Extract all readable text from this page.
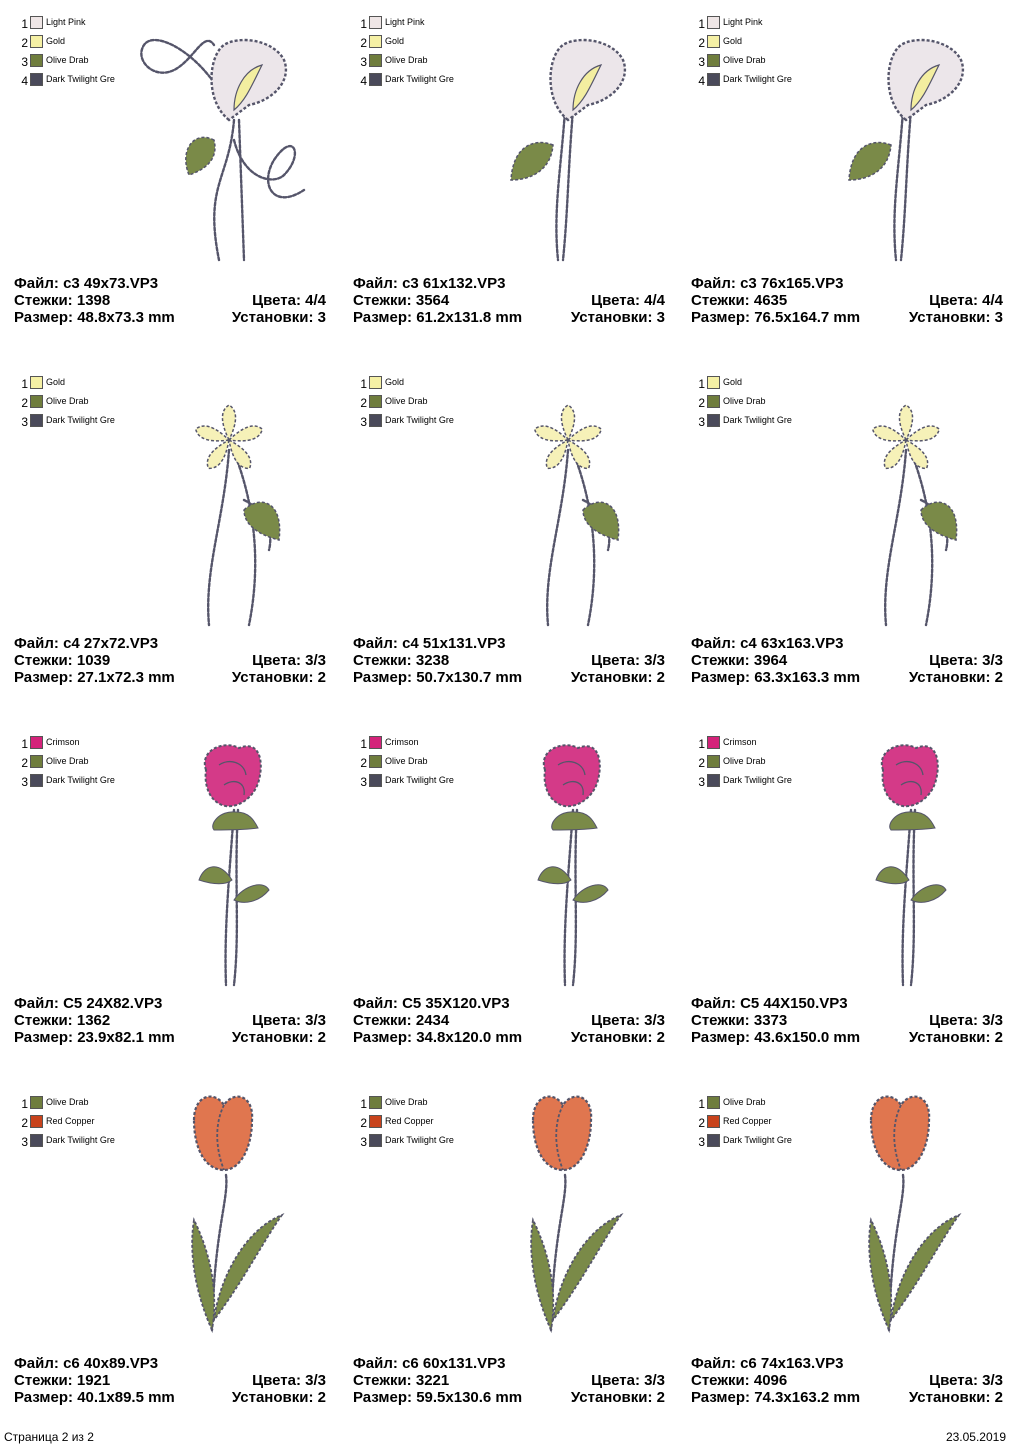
1 Light Pink
2 Gold
3 Olive Drab
4 Dark Twilight Gre
Файл: c3 49x73.VP3
Стежки: 1398	Цвета: 4/4
Размер: 48.8x73.3 mm	Установки: 3
1 Light Pink
2 Gold
3 Olive Drab
4 Dark Twilight Gre
Файл: c3 61x132.VP3
Стежки: 3564	Цвета: 4/4
Размер: 61.2x131.8 mm	Установки: 3
1 Light Pink
2 Gold
3 Olive Drab
4 Dark Twilight Gre
Файл: c3 76x165.VP3
Стежки: 4635	Цвета: 4/4
Размер: 76.5x164.7 mm	Установки: 3
1 Gold
2 Olive Drab
3 Dark Twilight Gre
Файл: c4 27x72.VP3
Стежки: 1039	Цвета: 3/3
Размер: 27.1x72.3 mm	Установки: 2
1 Gold
2 Olive Drab
3 Dark Twilight Gre
Файл: c4 51x131.VP3
Стежки: 3238	Цвета: 3/3
Размер: 50.7x130.7 mm	Установки: 2
1 Gold
2 Olive Drab
3 Dark Twilight Gre
Файл: c4 63x163.VP3
Стежки: 3964	Цвета: 3/3
Размер: 63.3x163.3 mm	Установки: 2
1 Crimson
2 Olive Drab
3 Dark Twilight Gre
Файл: C5 24X82.VP3
Стежки: 1362	Цвета: 3/3
Размер: 23.9x82.1 mm	Установки: 2
1 Crimson
2 Olive Drab
3 Dark Twilight Gre
Файл: C5 35X120.VP3
Стежки: 2434	Цвета: 3/3
Размер: 34.8x120.0 mm	Установки: 2
1 Crimson
2 Olive Drab
3 Dark Twilight Gre
Файл: C5 44X150.VP3
Стежки: 3373	Цвета: 3/3
Размер: 43.6x150.0 mm	Установки: 2
1 Olive Drab
2 Red Copper
3 Dark Twilight Gre
Файл: c6 40x89.VP3
Стежки: 1921	Цвета: 3/3
Размер: 40.1x89.5 mm	Установки: 2
1 Olive Drab
2 Red Copper
3 Dark Twilight Gre
Файл: c6 60x131.VP3
Стежки: 3221	Цвета: 3/3
Размер: 59.5x130.6 mm	Установки: 2
1 Olive Drab
2 Red Copper
3 Dark Twilight Gre
Файл: c6 74x163.VP3
Стежки: 4096	Цвета: 3/3
Размер: 74.3x163.2 mm	Установки: 2
Страница 2 из 2	23.05.2019
